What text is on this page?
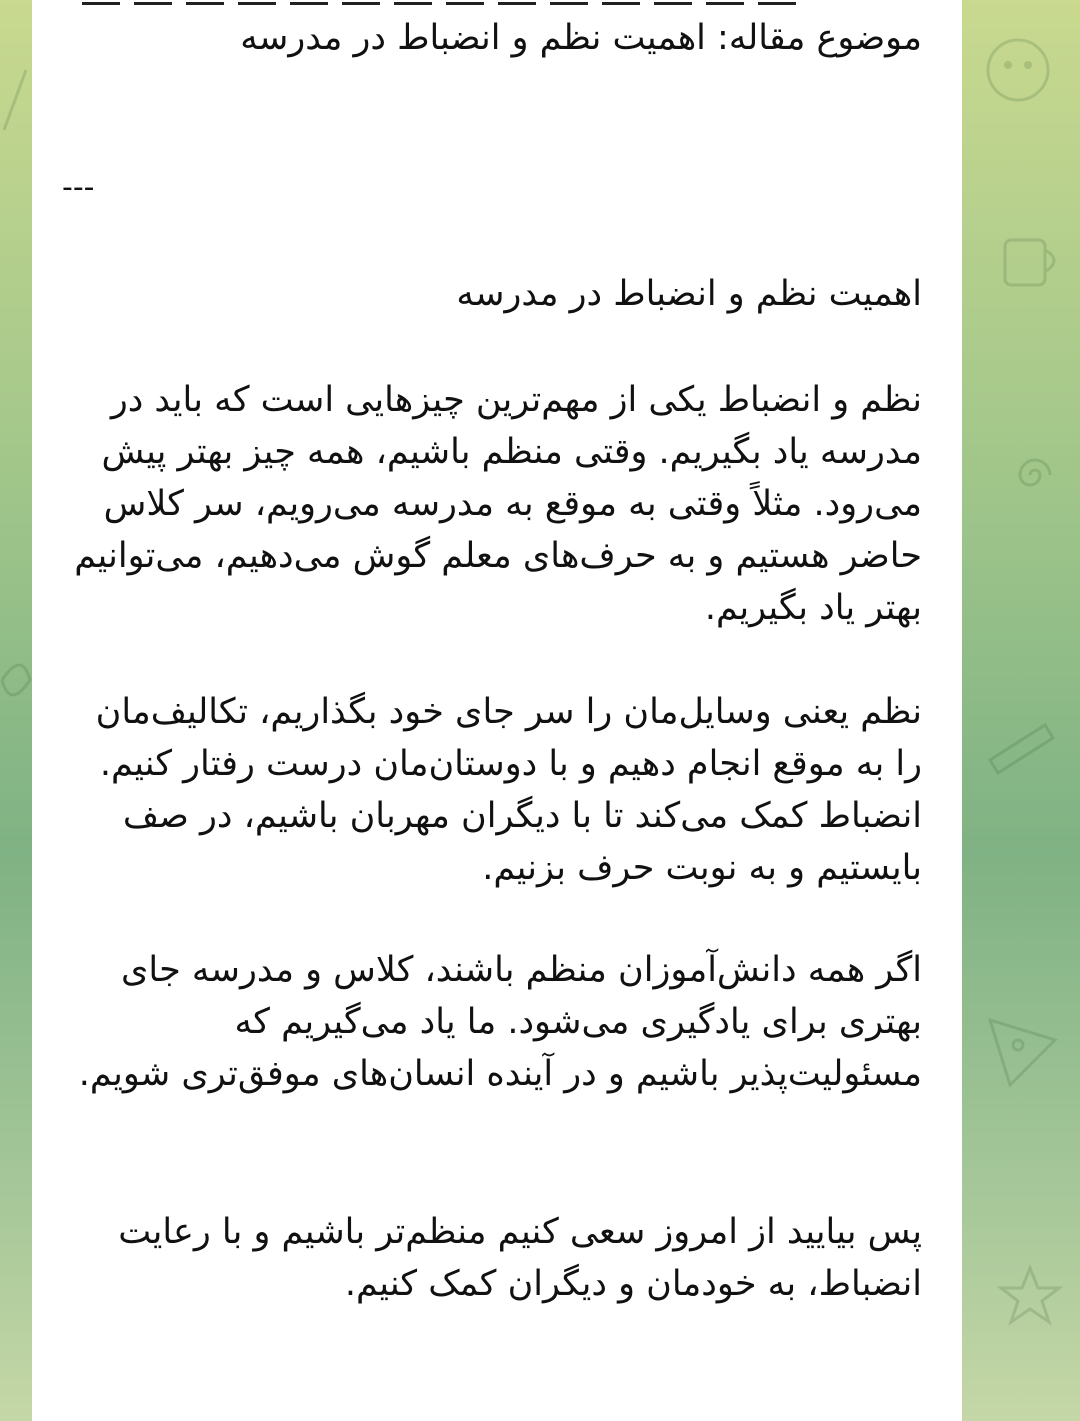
موضوع مقاله: اهمیت نظم و انضباط در مدرسه
---
اهمیت نظم و انضباط در مدرسه
نظم و انضباط یکی از مهم‌ترین چیزهایی است که باید در مدرسه یاد بگیریم. وقتی منظم باشیم، همه چیز بهتر پیش می‌رود. مثلاً وقتی به موقع به مدرسه می‌رویم، سر کلاس حاضر هستیم و به حرف‌های معلم گوش می‌دهیم، می‌توانیم بهتر یاد بگیریم.
نظم یعنی وسایل‌مان را سر جای خود بگذاریم، تکالیف‌مان را به موقع انجام دهیم و با دوستان‌مان درست رفتار کنیم. انضباط کمک می‌کند تا با دیگران مهربان باشیم، در صف بایستیم و به نوبت حرف بزنیم.
اگر همه دانش‌آموزان منظم باشند، کلاس و مدرسه جای بهتری برای یادگیری می‌شود. ما یاد می‌گیریم که مسئولیت‌پذیر باشیم و در آینده انسان‌های موفق‌تری شویم.
پس بیایید از امروز سعی کنیم منظم‌تر باشیم و با رعایت انضباط، به خودمان و دیگران کمک کنیم.
